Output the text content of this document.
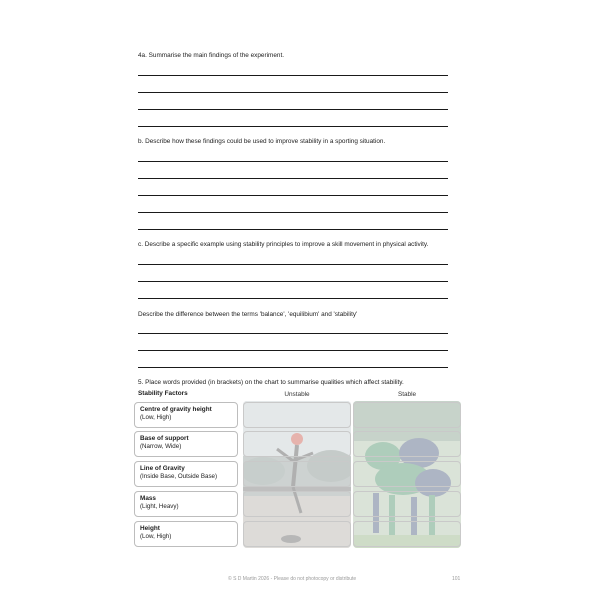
4a. Summarise the main findings of the experiment.
b. Describe how these findings could be used to improve stability in a sporting situation.
c. Describe a specific example using stability principles to improve a skill movement in physical activity.
Describe the difference between the terms 'balance', 'equilibium' and 'stability'
5. Place words provided (in brackets) on the chart to summarise qualities which affect stability.
Stability Factors	Unstable	Stable
Centre of gravity height
(Low, High)
Base of support
(Narrow, Wide)
Line of Gravity
(Inside Base, Outside Base)
Mass
(Light, Heavy)
Height
(Low, High)
© S D Martin 2026 - Please do not photocopy or distribute	101
